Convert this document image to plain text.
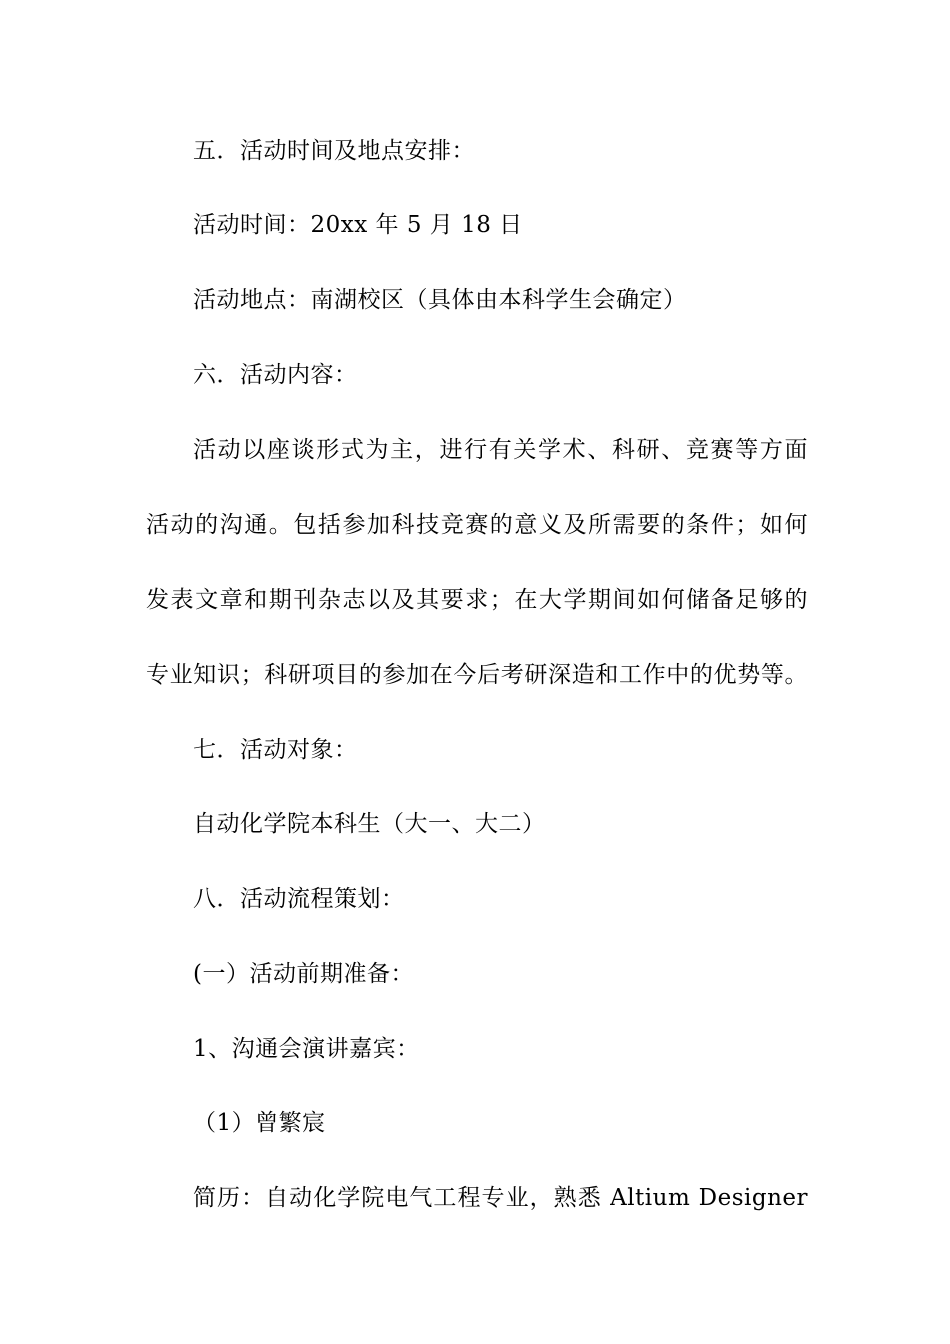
五．活动时间及地点安排：
活动时间：20xx 年 5 月 18 日
活动地点：南湖校区（具体由本科学生会确定）
六．活动内容：
活动以座谈形式为主，进行有关学术、科研、竞赛等方面
活动的沟通。包括参加科技竞赛的意义及所需要的条件；如何
发表文章和期刊杂志以及其要求；在大学期间如何储备足够的
专业知识；科研项目的参加在今后考研深造和工作中的优势等。
七．活动对象：
自动化学院本科生（大一、大二）
八．活动流程策划：
(一）活动前期准备：
1、沟通会演讲嘉宾：
（1）曾繁宸
简历：自动化学院电气工程专业，熟悉 Altium Designer
